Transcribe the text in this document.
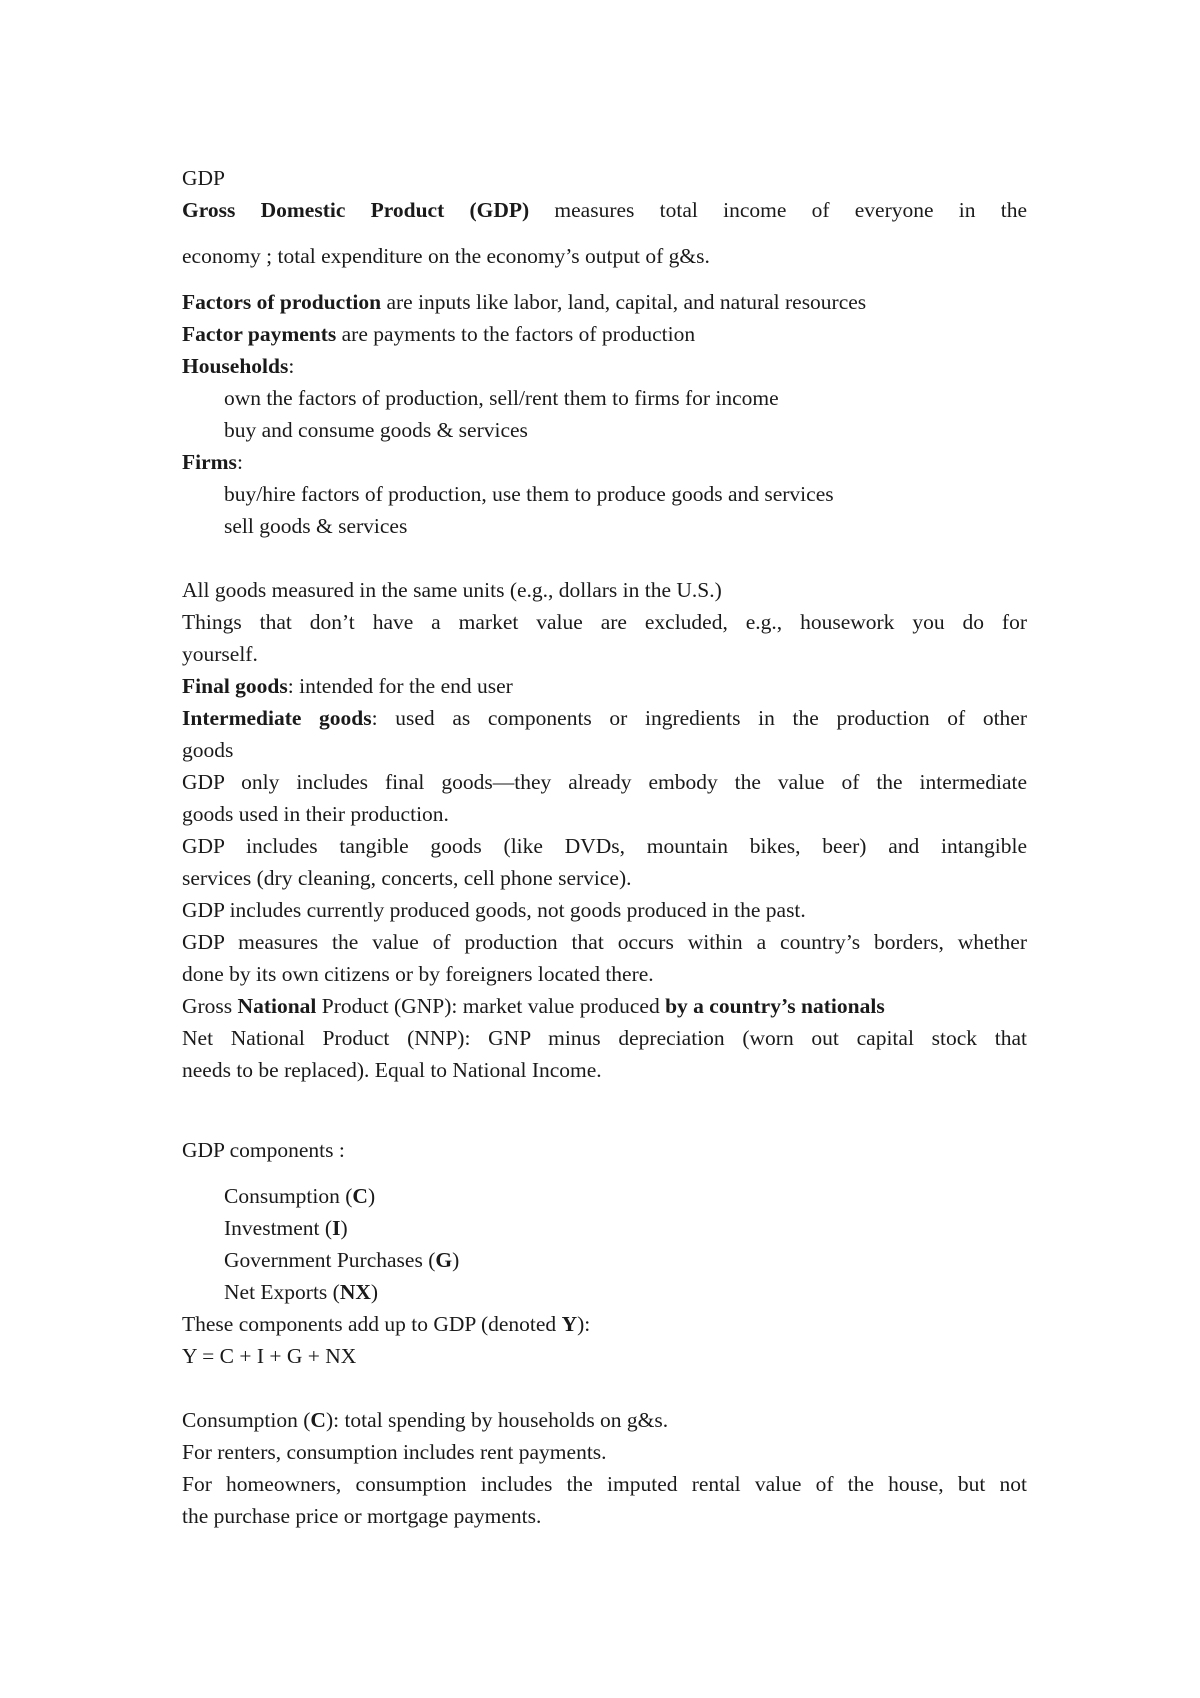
GDP
Gross Domestic Product (GDP) measures total income of everyone in the
economy ; total expenditure on the economy’s output of g&s.
Factors of production are inputs like labor, land, capital, and natural resources
Factor payments are payments to the factors of production
Households:
own the factors of production, sell/rent them to firms for income
buy and consume goods & services
Firms:
buy/hire factors of production, use them to produce goods and services
sell goods & services
All goods measured in the same units (e.g., dollars in the U.S.)
Things that don’t have a market value are excluded, e.g., housework you do for
yourself.
Final goods: intended for the end user
Intermediate goods: used as components or ingredients in the production of other
goods
GDP only includes final goods—they already embody the value of the intermediate
goods used in their production.
GDP includes tangible goods (like DVDs, mountain bikes, beer) and intangible
services (dry cleaning, concerts, cell phone service).
GDP includes currently produced goods, not goods produced in the past.
GDP measures the value of production that occurs within a country’s borders, whether
done by its own citizens or by foreigners located there.
Gross National Product (GNP): market value produced by a country’s nationals
Net National Product (NNP): GNP minus depreciation (worn out capital stock that
needs to be replaced). Equal to National Income.
GDP components :
Consumption (C)
Investment (I)
Government Purchases (G)
Net Exports (NX)
These components add up to GDP (denoted Y):
Y = C + I + G + NX
Consumption (C): total spending by households on g&s.
For renters, consumption includes rent payments.
For homeowners, consumption includes the imputed rental value of the house, but not
the purchase price or mortgage payments.
